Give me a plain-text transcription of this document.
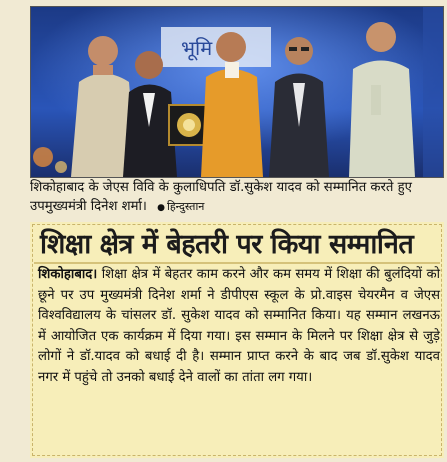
भूमि
शिकोहाबाद के जेएस विवि के कुलाधिपति डॉ.सुकेश यादव को सम्मानित करते हुए उपमुख्यमंत्री दिनेश शर्मा। ● हिन्दुस्तान
शिक्षा क्षेत्र में बेहतरी पर किया सम्मानित
शिकोहाबाद। शिक्षा क्षेत्र में बेहतर काम करने और कम समय में शिक्षा की बुलंदियों को छूने पर उप मुख्यमंत्री दिनेश शर्मा ने डीपीएस स्कूल के प्रो.वाइस चेयरमैन व जेएस विश्वविद्यालय के चांसलर डॉ. सुकेश यादव को सम्मानित किया। यह सम्मान लखनऊ में आयोजित एक कार्यक्रम में दिया गया। इस सम्मान के मिलने पर शिक्षा क्षेत्र से जुड़े लोगों ने डॉ.यादव को बधाई दी है। सम्मान प्राप्त करने के बाद जब डॉ.सुकेश यादव नगर में पहुंचे तो उनको बधाई देने वालों का तांता लग गया।
